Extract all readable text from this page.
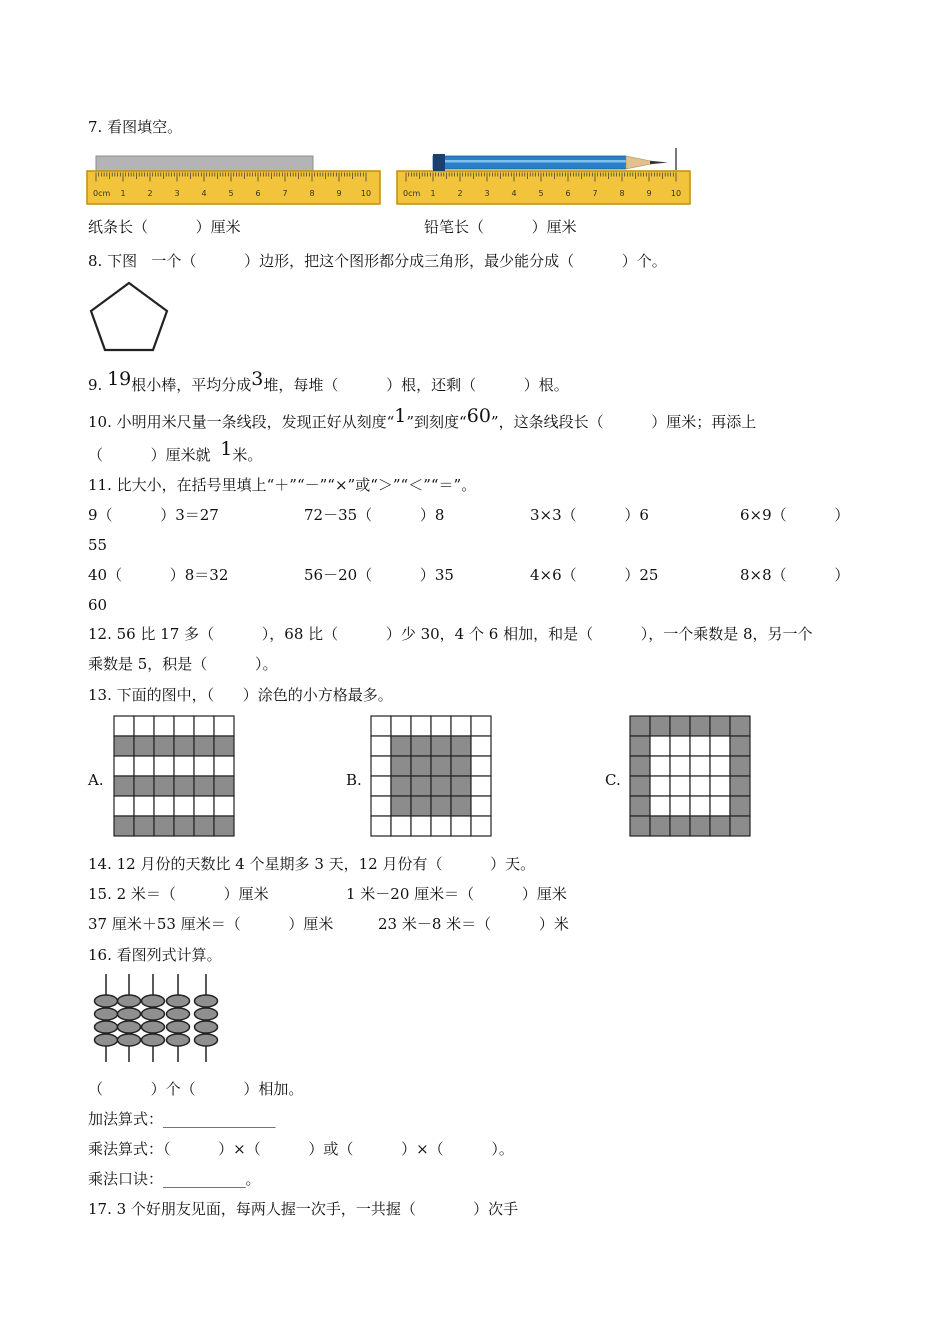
7. 看图填空。
0cm 1	2	3	4	5	6	7	8	9 10	0cm 1	2	3	4	5	6	7	8	9 10
纸条长（          ）厘米	铅笔长（          ）厘米
8. 下图   一个（          ）边形，把这个图形都分成三角形，最少能分成（          ）个。
9. 19根小棒，平均分成3堆，每堆（          ）根，还剩（          ）根。
10. 小明用米尺量一条线段，发现正好从刻度“1”到刻度“60”，这条线段长（          ）厘米；再添上
（          ）厘米就  1米。
11. 比大小，在括号里填上“＋”“－”“×”或“＞”“＜”“＝”。
9（          ）3＝27	72－35（          ）8	3×3（          ）6	6×9（          ）
55
40（          ）8＝32	56－20（          ）35	4×6（          ）25	8×8（          ）
60
12. 56 比 17 多（          ），68 比（          ）少 30，4 个 6 相加，和是（          ），一个乘数是 8，另一个
乘数是 5，积是（          ）。
13. 下面的图中，（      ）涂色的小方格最多。
A.	B.	C.
14. 12 月份的天数比 4 个星期多 3 天，12 月份有（          ）天。
15. 2 米＝（          ）厘米	1 米－20 厘米＝（          ）厘米
37 厘米＋53 厘米＝（          ）厘米	23 米－8 米＝（          ）米
16. 看图列式计算。
（          ）个（          ）相加。
加法算式：_______________
乘法算式：（          ）×（          ）或（          ）×（          ）。
乘法口诀：___________。
17. 3 个好朋友见面，每两人握一次手，一共握（            ）次手
